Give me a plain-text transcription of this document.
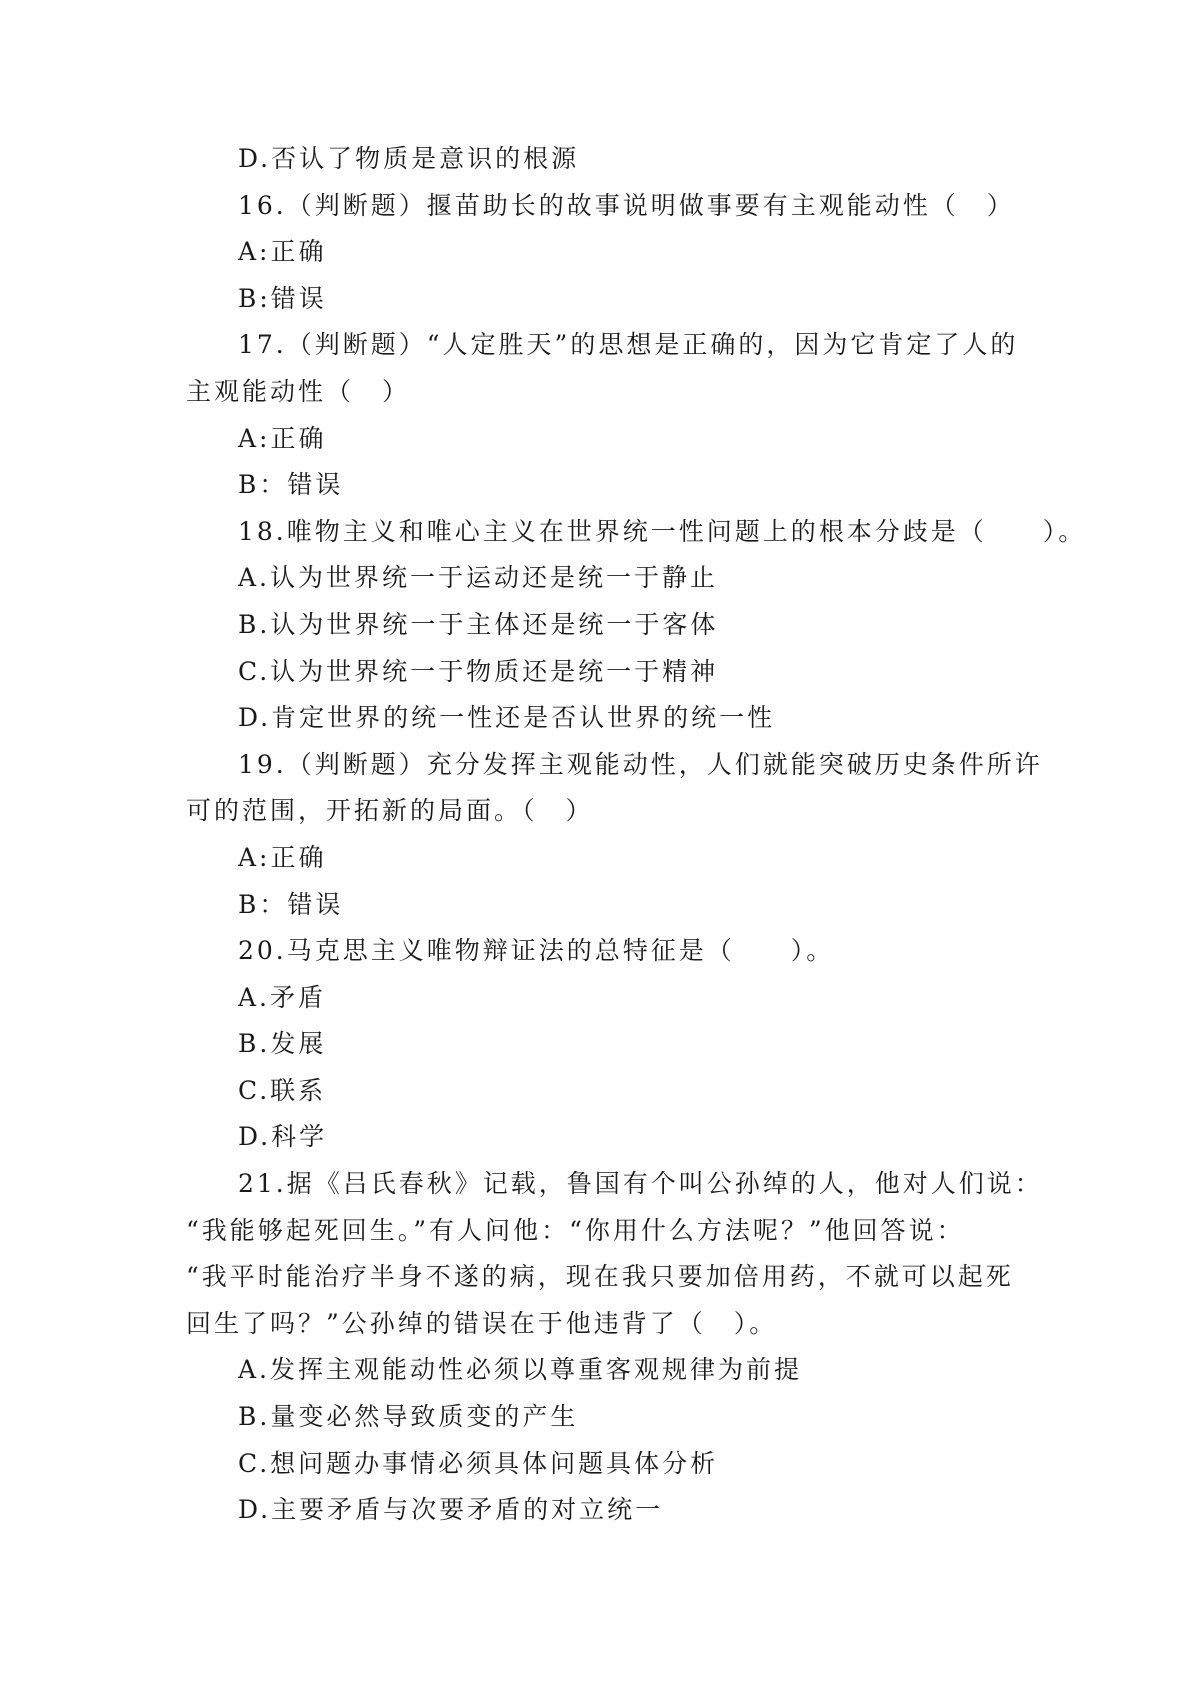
D.否认了物质是意识的根源
16.（判断题）揠苗助长的故事说明做事要有主观能动性（　）
A:正确
B:错误
17.（判断题）“人定胜天”的思想是正确的，因为它肯定了人的
主观能动性（　）
A:正确
B：错误
18.唯物主义和唯心主义在世界统一性问题上的根本分歧是（　　）。
A.认为世界统一于运动还是统一于静止
B.认为世界统一于主体还是统一于客体
C.认为世界统一于物质还是统一于精神
D.肯定世界的统一性还是否认世界的统一性
19.（判断题）充分发挥主观能动性，人们就能突破历史条件所许
可的范围，开拓新的局面。（　）
A:正确
B：错误
20.马克思主义唯物辩证法的总特征是（　　）。
A.矛盾
B.发展
C.联系
D.科学
21.据《吕氏春秋》记载，鲁国有个叫公孙绰的人，他对人们说：
“我能够起死回生。”有人问他：“你用什么方法呢？”他回答说：
“我平时能治疗半身不遂的病，现在我只要加倍用药，不就可以起死
回生了吗？”公孙绰的错误在于他违背了（　）。
A.发挥主观能动性必须以尊重客观规律为前提
B.量变必然导致质变的产生
C.想问题办事情必须具体问题具体分析
D.主要矛盾与次要矛盾的对立统一
